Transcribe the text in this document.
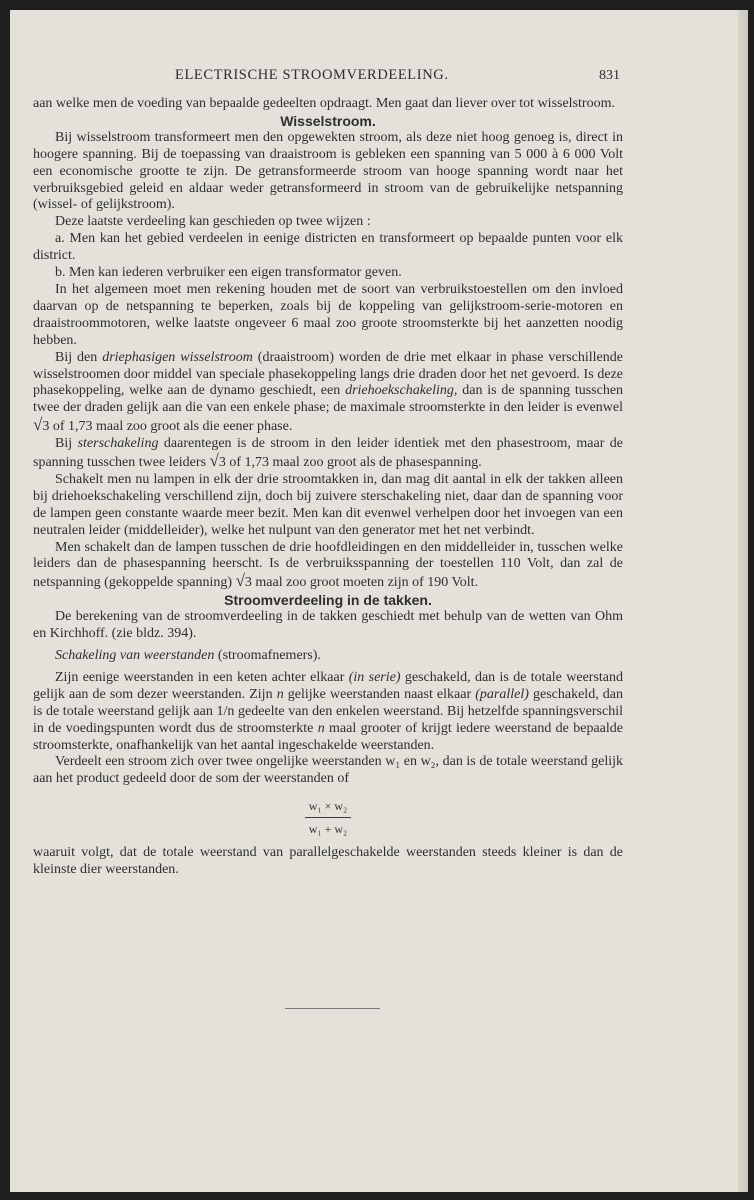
ELECTRISCHE STROOMVERDEELING.	831

aan welke men de voeding van bepaalde gedeelten opdraagt. Men gaat dan liever over tot wisselstroom.

Wisselstroom.

Bij wisselstroom transformeert men den opgewekten stroom, als deze niet hoog genoeg is, direct in hoogere spanning. Bij de toepassing van draaistroom is gebleken een spanning van 5 000 à 6 000 Volt een economische grootte te zijn. De getransformeerde stroom van hooge spanning wordt naar het verbruiksgebied geleid en aldaar weder getransformeerd in stroom van de gebruikelijke netspanning (wissel- of gelijkstroom).

Deze laatste verdeeling kan geschieden op twee wijzen :

a. Men kan het gebied verdeelen in eenige districten en transformeert op bepaalde punten voor elk district.

b. Men kan iederen verbruiker een eigen transformator geven.

In het algemeen moet men rekening houden met de soort van verbruikstoestellen om den invloed daarvan op de netspanning te beperken, zoals bij de koppeling van gelijkstroom-serie-motoren en draaistroommotoren, welke laatste ongeveer 6 maal zoo groote stroomsterkte bij het aanzetten noodig hebben.

Bij den driephasigen wisselstroom (draaistroom) worden de drie met elkaar in phase verschillende wisselstroomen door middel van speciale phasekoppeling langs drie draden door het net gevoerd. Is deze phasekoppeling, welke aan de dynamo geschiedt, een driehoekschakeling, dan is de spanning tusschen twee der draden gelijk aan die van een enkele phase; de maximale stroomsterkte in den leider is evenwel √3 of 1,73 maal zoo groot als die eener phase.

Bij sterschakeling daarentegen is de stroom in den leider identiek met den phasestroom, maar de spanning tusschen twee leiders √3 of 1,73 maal zoo groot als de phasespanning.

Schakelt men nu lampen in elk der drie stroomtakken in, dan mag dit aantal in elk der takken alleen bij driehoekschakeling verschillend zijn, doch bij zuivere sterschakeling niet, daar dan de spanning voor de lampen geen constante waarde meer bezit. Men kan dit evenwel verhelpen door het invoegen van een neutralen leider (middelleider), welke het nulpunt van den generator met het net verbindt.

Men schakelt dan de lampen tusschen de drie hoofdleidingen en den middelleider in, tusschen welke leiders dan de phasespanning heerscht. Is de verbruiksspanning der toestellen 110 Volt, dan zal de netspanning (gekoppelde spanning) √3 maal zoo groot moeten zijn of 190 Volt.

Stroomverdeeling in de takken.

De berekening van de stroomverdeeling in de takken geschiedt met behulp van de wetten van Ohm en Kirchhoff. (zie bldz. 394).

Schakeling van weerstanden (stroomafnemers).

Zijn eenige weerstanden in een keten achter elkaar (in serie) geschakeld, dan is de totale weerstand gelijk aan de som dezer weerstanden. Zijn n gelijke weerstanden naast elkaar (parallel) geschakeld, dan is de totale weerstand gelijk aan 1/n gedeelte van den enkelen weerstand. Bij hetzelfde spanningsverschil in de voedingspunten wordt dus de stroomsterkte n maal grooter of krijgt iedere weerstand de bepaalde stroomsterkte, onafhankelijk van het aantal ingeschakelde weerstanden.

Verdeelt een stroom zich over twee ongelijke weerstanden w₁ en w₂, dan is de totale weerstand gelijk aan het product gedeeld door de som der weerstanden of

$\frac{\text{w₁ × w₂}}{\text{w₁ + w₂}}$

waaruit volgt, dat de totale weerstand van parallelgeschakelde weerstanden steeds kleiner is dan de kleinste dier weerstanden.
